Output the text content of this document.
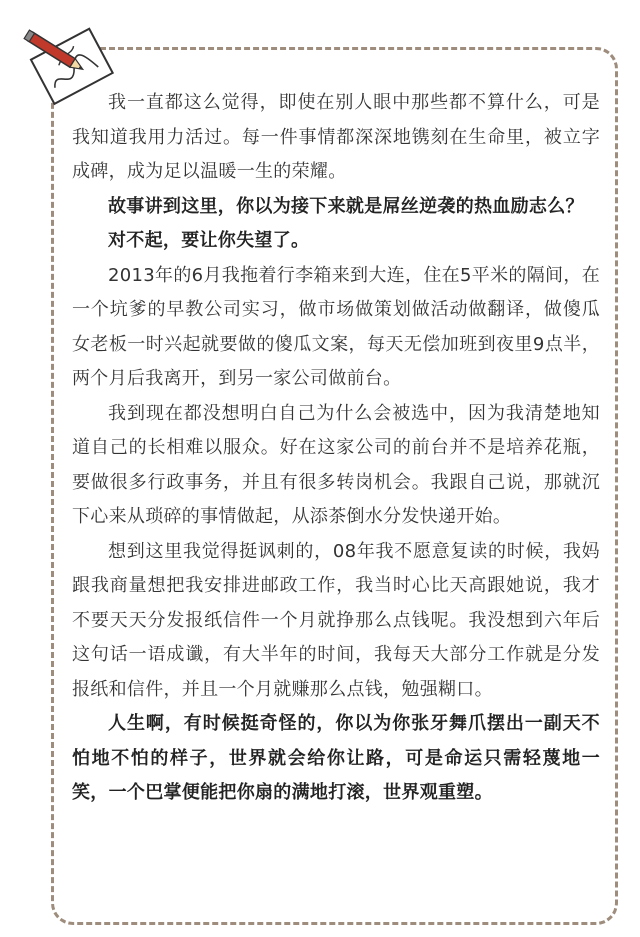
我一直都这么觉得，即使在别人眼中那些都不算什么，可是我知道我用力活过。每一件事情都深深地镌刻在生命里，被立字成碑，成为足以温暖一生的荣耀。

故事讲到这里，你以为接下来就是屌丝逆袭的热血励志么？

对不起，要让你失望了。

2013年的6月我拖着行李箱来到大连，住在5平米的隔间，在一个坑爹的早教公司实习，做市场做策划做活动做翻译，做傻瓜女老板一时兴起就要做的傻瓜文案，每天无偿加班到夜里9点半，两个月后我离开，到另一家公司做前台。

我到现在都没想明白自己为什么会被选中，因为我清楚地知道自己的长相难以服众。好在这家公司的前台并不是培养花瓶，要做很多行政事务，并且有很多转岗机会。我跟自己说，那就沉下心来从琐碎的事情做起，从添茶倒水分发快递开始。

想到这里我觉得挺讽刺的，08年我不愿意复读的时候，我妈跟我商量想把我安排进邮政工作，我当时心比天高跟她说，我才不要天天分发报纸信件一个月就挣那么点钱呢。我没想到六年后这句话一语成谶，有大半年的时间，我每天大部分工作就是分发报纸和信件，并且一个月就赚那么点钱，勉强糊口。

人生啊，有时候挺奇怪的，你以为你张牙舞爪摆出一副天不怕地不怕的样子，世界就会给你让路，可是命运只需轻蔑地一笑，一个巴掌便能把你扇的满地打滚，世界观重塑。
